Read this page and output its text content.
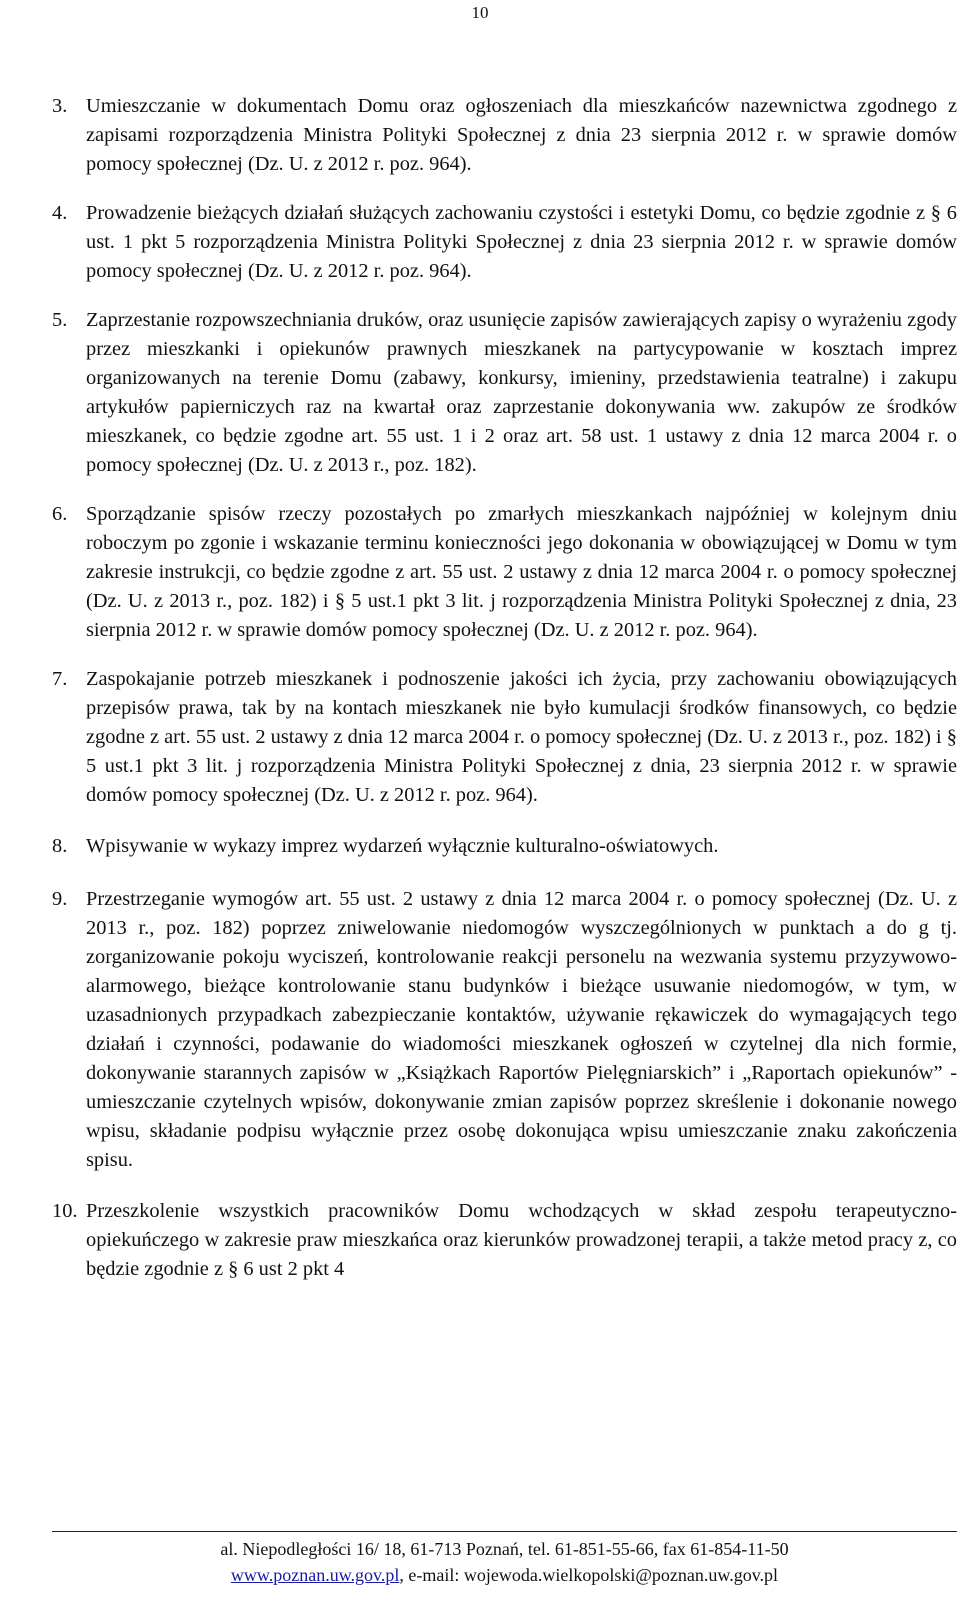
10
3. Umieszczanie w dokumentach Domu oraz ogłoszeniach dla mieszkańców nazewnictwa zgodnego z zapisami rozporządzenia Ministra Polityki Społecznej z dnia 23 sierpnia 2012 r. w sprawie domów pomocy społecznej (Dz. U. z 2012 r. poz. 964).
4. Prowadzenie bieżących działań służących zachowaniu czystości i estetyki Domu, co będzie zgodnie z § 6 ust. 1 pkt 5 rozporządzenia Ministra Polityki Społecznej z dnia 23 sierpnia 2012 r. w sprawie domów pomocy społecznej (Dz. U. z 2012 r. poz. 964).
5. Zaprzestanie rozpowszechniania druków, oraz usunięcie zapisów zawierających zapisy o wyrażeniu zgody przez mieszkanki i opiekunów prawnych mieszkanek na partycypowanie w kosztach imprez organizowanych na terenie Domu (zabawy, konkursy, imieniny, przedstawienia teatralne) i zakupu artykułów papierniczych raz na kwartał oraz zaprzestanie dokonywania ww. zakupów ze środków mieszkanek, co będzie zgodne art. 55 ust. 1 i 2 oraz art. 58 ust. 1 ustawy z dnia 12 marca 2004 r. o pomocy społecznej (Dz. U. z 2013 r., poz. 182).
6. Sporządzanie spisów rzeczy pozostałych po zmarłych mieszkankach najpóźniej w kolejnym dniu roboczym po zgonie i wskazanie terminu konieczności jego dokonania w obowiązującej w Domu w tym zakresie instrukcji, co będzie zgodne z art. 55 ust. 2 ustawy z dnia 12 marca 2004 r. o pomocy społecznej (Dz. U. z 2013 r., poz. 182) i § 5 ust.1 pkt 3 lit. j rozporządzenia Ministra Polityki Społecznej z dnia, 23 sierpnia 2012 r. w sprawie domów pomocy społecznej (Dz. U. z 2012 r. poz. 964).
7. Zaspokajanie potrzeb mieszkanek i podnoszenie jakości ich życia, przy zachowaniu obowiązujących przepisów prawa, tak by na kontach mieszkanek nie było kumulacji środków finansowych, co będzie zgodne z art. 55 ust. 2 ustawy z dnia 12 marca 2004 r. o pomocy społecznej (Dz. U. z 2013 r., poz. 182) i § 5 ust.1 pkt 3 lit. j rozporządzenia Ministra Polityki Społecznej z dnia, 23 sierpnia 2012 r. w sprawie domów pomocy społecznej (Dz. U. z 2012 r. poz. 964).
8. Wpisywanie w wykazy imprez wydarzeń wyłącznie kulturalno-oświatowych.
9. Przestrzeganie wymogów art. 55 ust. 2 ustawy z dnia 12 marca 2004 r. o pomocy społecznej (Dz. U. z 2013 r., poz. 182) poprzez zniwelowanie niedomogów wyszczególnionych w punktach a do g tj. zorganizowanie pokoju wyciszeń, kontrolowanie reakcji personelu na wezwania systemu przyzywowo-alarmowego, bieżące kontrolowanie stanu budynków i bieżące usuwanie niedomogów, w tym, w uzasadnionych przypadkach zabezpieczanie kontaktów, używanie rękawiczek do wymagających tego działań i czynności, podawanie do wiadomości mieszkanek ogłoszeń w czytelnej dla nich formie, dokonywanie starannych zapisów w „Książkach Raportów Pielęgniarskich” i „Raportach opiekunów” - umieszczanie czytelnych wpisów, dokonywanie zmian zapisów poprzez skreślenie i dokonanie nowego wpisu, składanie podpisu wyłącznie przez osobę dokonująca wpisu umieszczanie znaku zakończenia spisu.
10. Przeszkolenie wszystkich pracowników Domu wchodzących w skład zespołu terapeutyczno-opiekuńczego w zakresie praw mieszkańca oraz kierunków prowadzonej terapii, a także metod pracy z, co będzie zgodnie z § 6 ust 2 pkt 4
al. Niepodległości 16/ 18, 61-713 Poznań, tel. 61-851-55-66, fax 61-854-11-50
www.poznan.uw.gov.pl, e-mail: wojewoda.wielkopolski@poznan.uw.gov.pl
